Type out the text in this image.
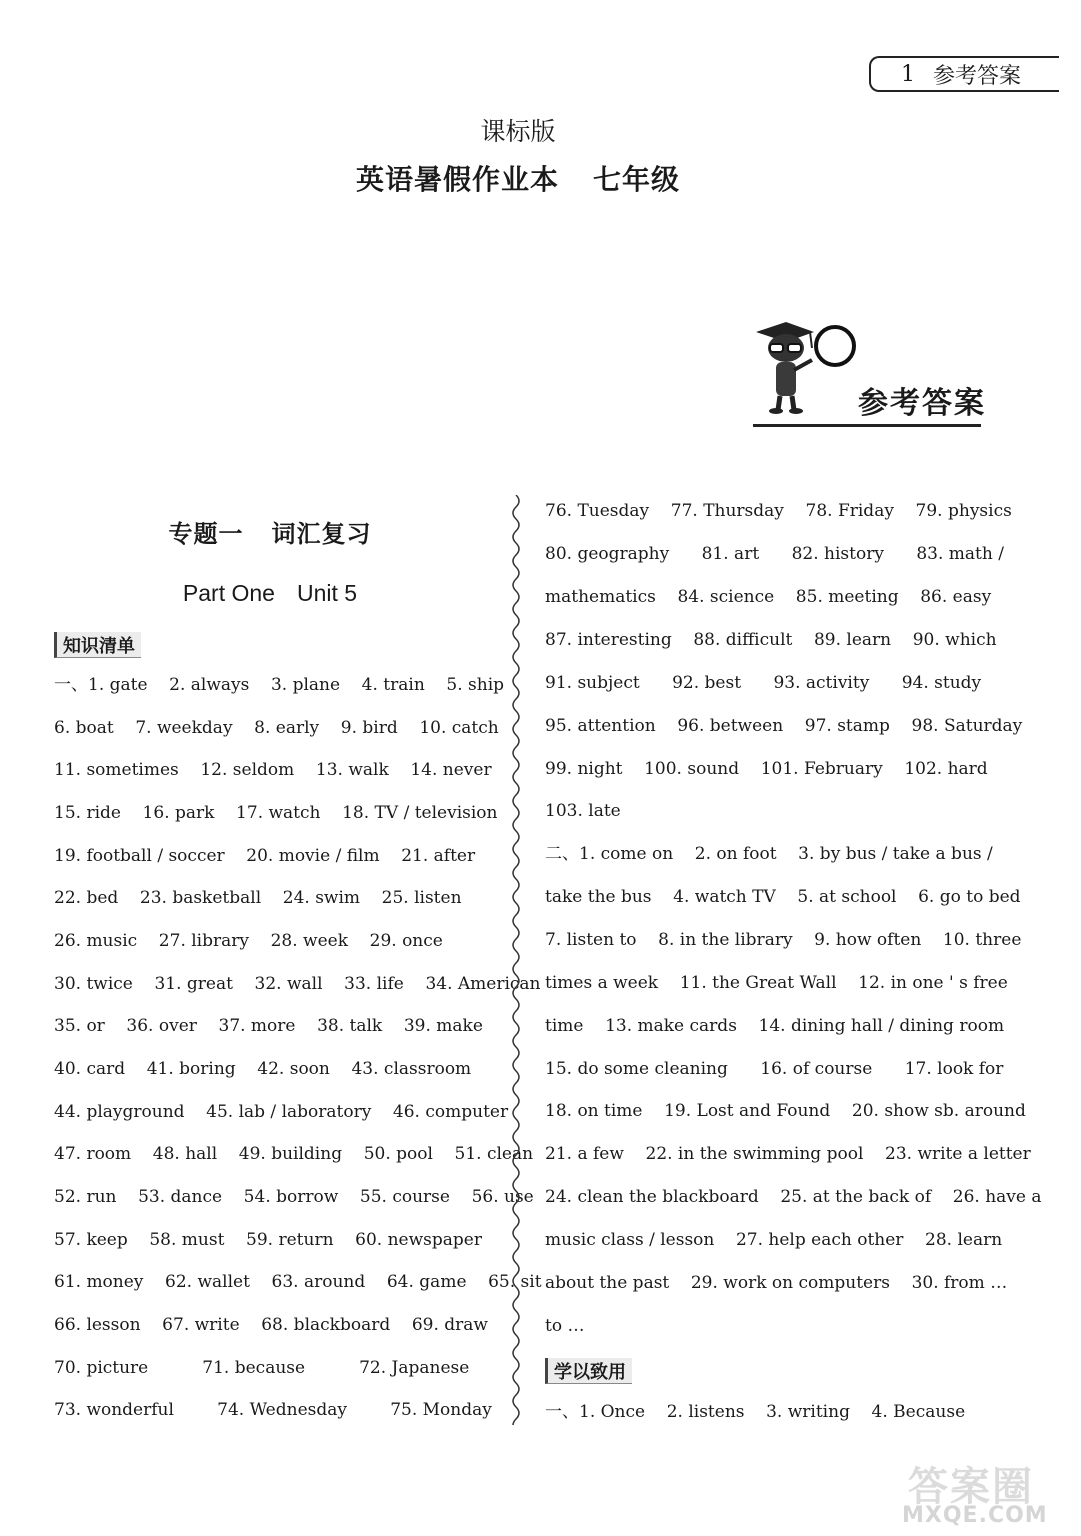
1 参考答案
课标版
英语暑假作业本 七年级
参考答案
专题一 词汇复习
Part One Unit 5
知识清单
一、1. gate    2. always    3. plane    4. train    5. ship
6. boat    7. weekday    8. early    9. bird    10. catch
11. sometimes    12. seldom    13. walk    14. never
15. ride    16. park    17. watch    18. TV / television
19. football / soccer    20. movie / film    21. after
22. bed    23. basketball    24. swim    25. listen
26. music    27. library    28. week    29. once
30. twice    31. great    32. wall    33. life    34. American
35. or    36. over    37. more    38. talk    39. make
40. card    41. boring    42. soon    43. classroom
44. playground    45. lab / laboratory    46. computer
47. room    48. hall    49. building    50. pool    51. clean
52. run    53. dance    54. borrow    55. course    56. use
57. keep    58. must    59. return    60. newspaper
61. money    62. wallet    63. around    64. game    65. sit
66. lesson    67. write    68. blackboard    69. draw
70. picture          71. because          72. Japanese
73. wonderful        74. Wednesday        75. Monday
76. Tuesday    77. Thursday    78. Friday    79. physics
80. geography      81. art      82. history      83. math /
mathematics    84. science    85. meeting    86. easy
87. interesting    88. difficult    89. learn    90. which
91. subject      92. best      93. activity      94. study
95. attention    96. between    97. stamp    98. Saturday
99. night    100. sound    101. February    102. hard
103. late
二、1. come on    2. on foot    3. by bus / take a bus /
take the bus    4. watch TV    5. at school    6. go to bed
7. listen to    8. in the library    9. how often    10. three
times a week    11. the Great Wall    12. in one ' s free
time    13. make cards    14. dining hall / dining room
15. do some cleaning      16. of course      17. look for
18. on time    19. Lost and Found    20. show sb. around
21. a few    22. in the swimming pool    23. write a letter
24. clean the blackboard    25. at the back of    26. have a
music class / lesson    27. help each other    28. learn
about the past    29. work on computers    30. from …
to …
学以致用
一、1. Once    2. listens    3. writing    4. Because
答案圈
MXQE.COM
